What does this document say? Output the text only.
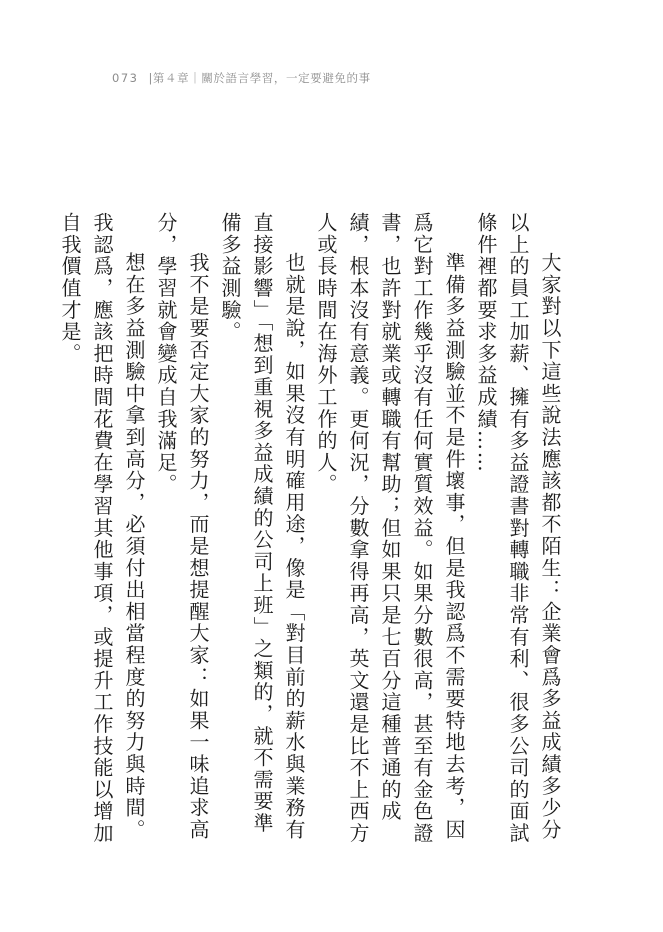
073 |第４章｜關於語言學習，一定要避免的事

大家對以下這些說法應該都不陌生：企業會爲多益成績多少分以上的員工加薪、擁有多益證書對轉職非常有利、很多公司的面試條件裡都要求多益成績……

準備多益測驗並不是件壞事，但是我認爲不需要特地去考，因爲它對工作幾乎沒有任何實質效益。如果分數很高，甚至有金色證書，也許對就業或轉職有幫助；但如果只是七百分這種普通的成績，根本沒有意義。更何況，分數拿得再高，英文還是比不上西方人或長時間在海外工作的人。

也就是說，如果沒有明確用途，像是「對目前的薪水與業務有直接影響」「想到重視多益成績的公司上班」之類的，就不需要準備多益測驗。

我不是要否定大家的努力，而是想提醒大家：如果一味追求高分，學習就會變成自我滿足。

想在多益測驗中拿到高分，必須付出相當程度的努力與時間。我認爲，應該把時間花費在學習其他事項，或提升工作技能以增加自我價值才是。
